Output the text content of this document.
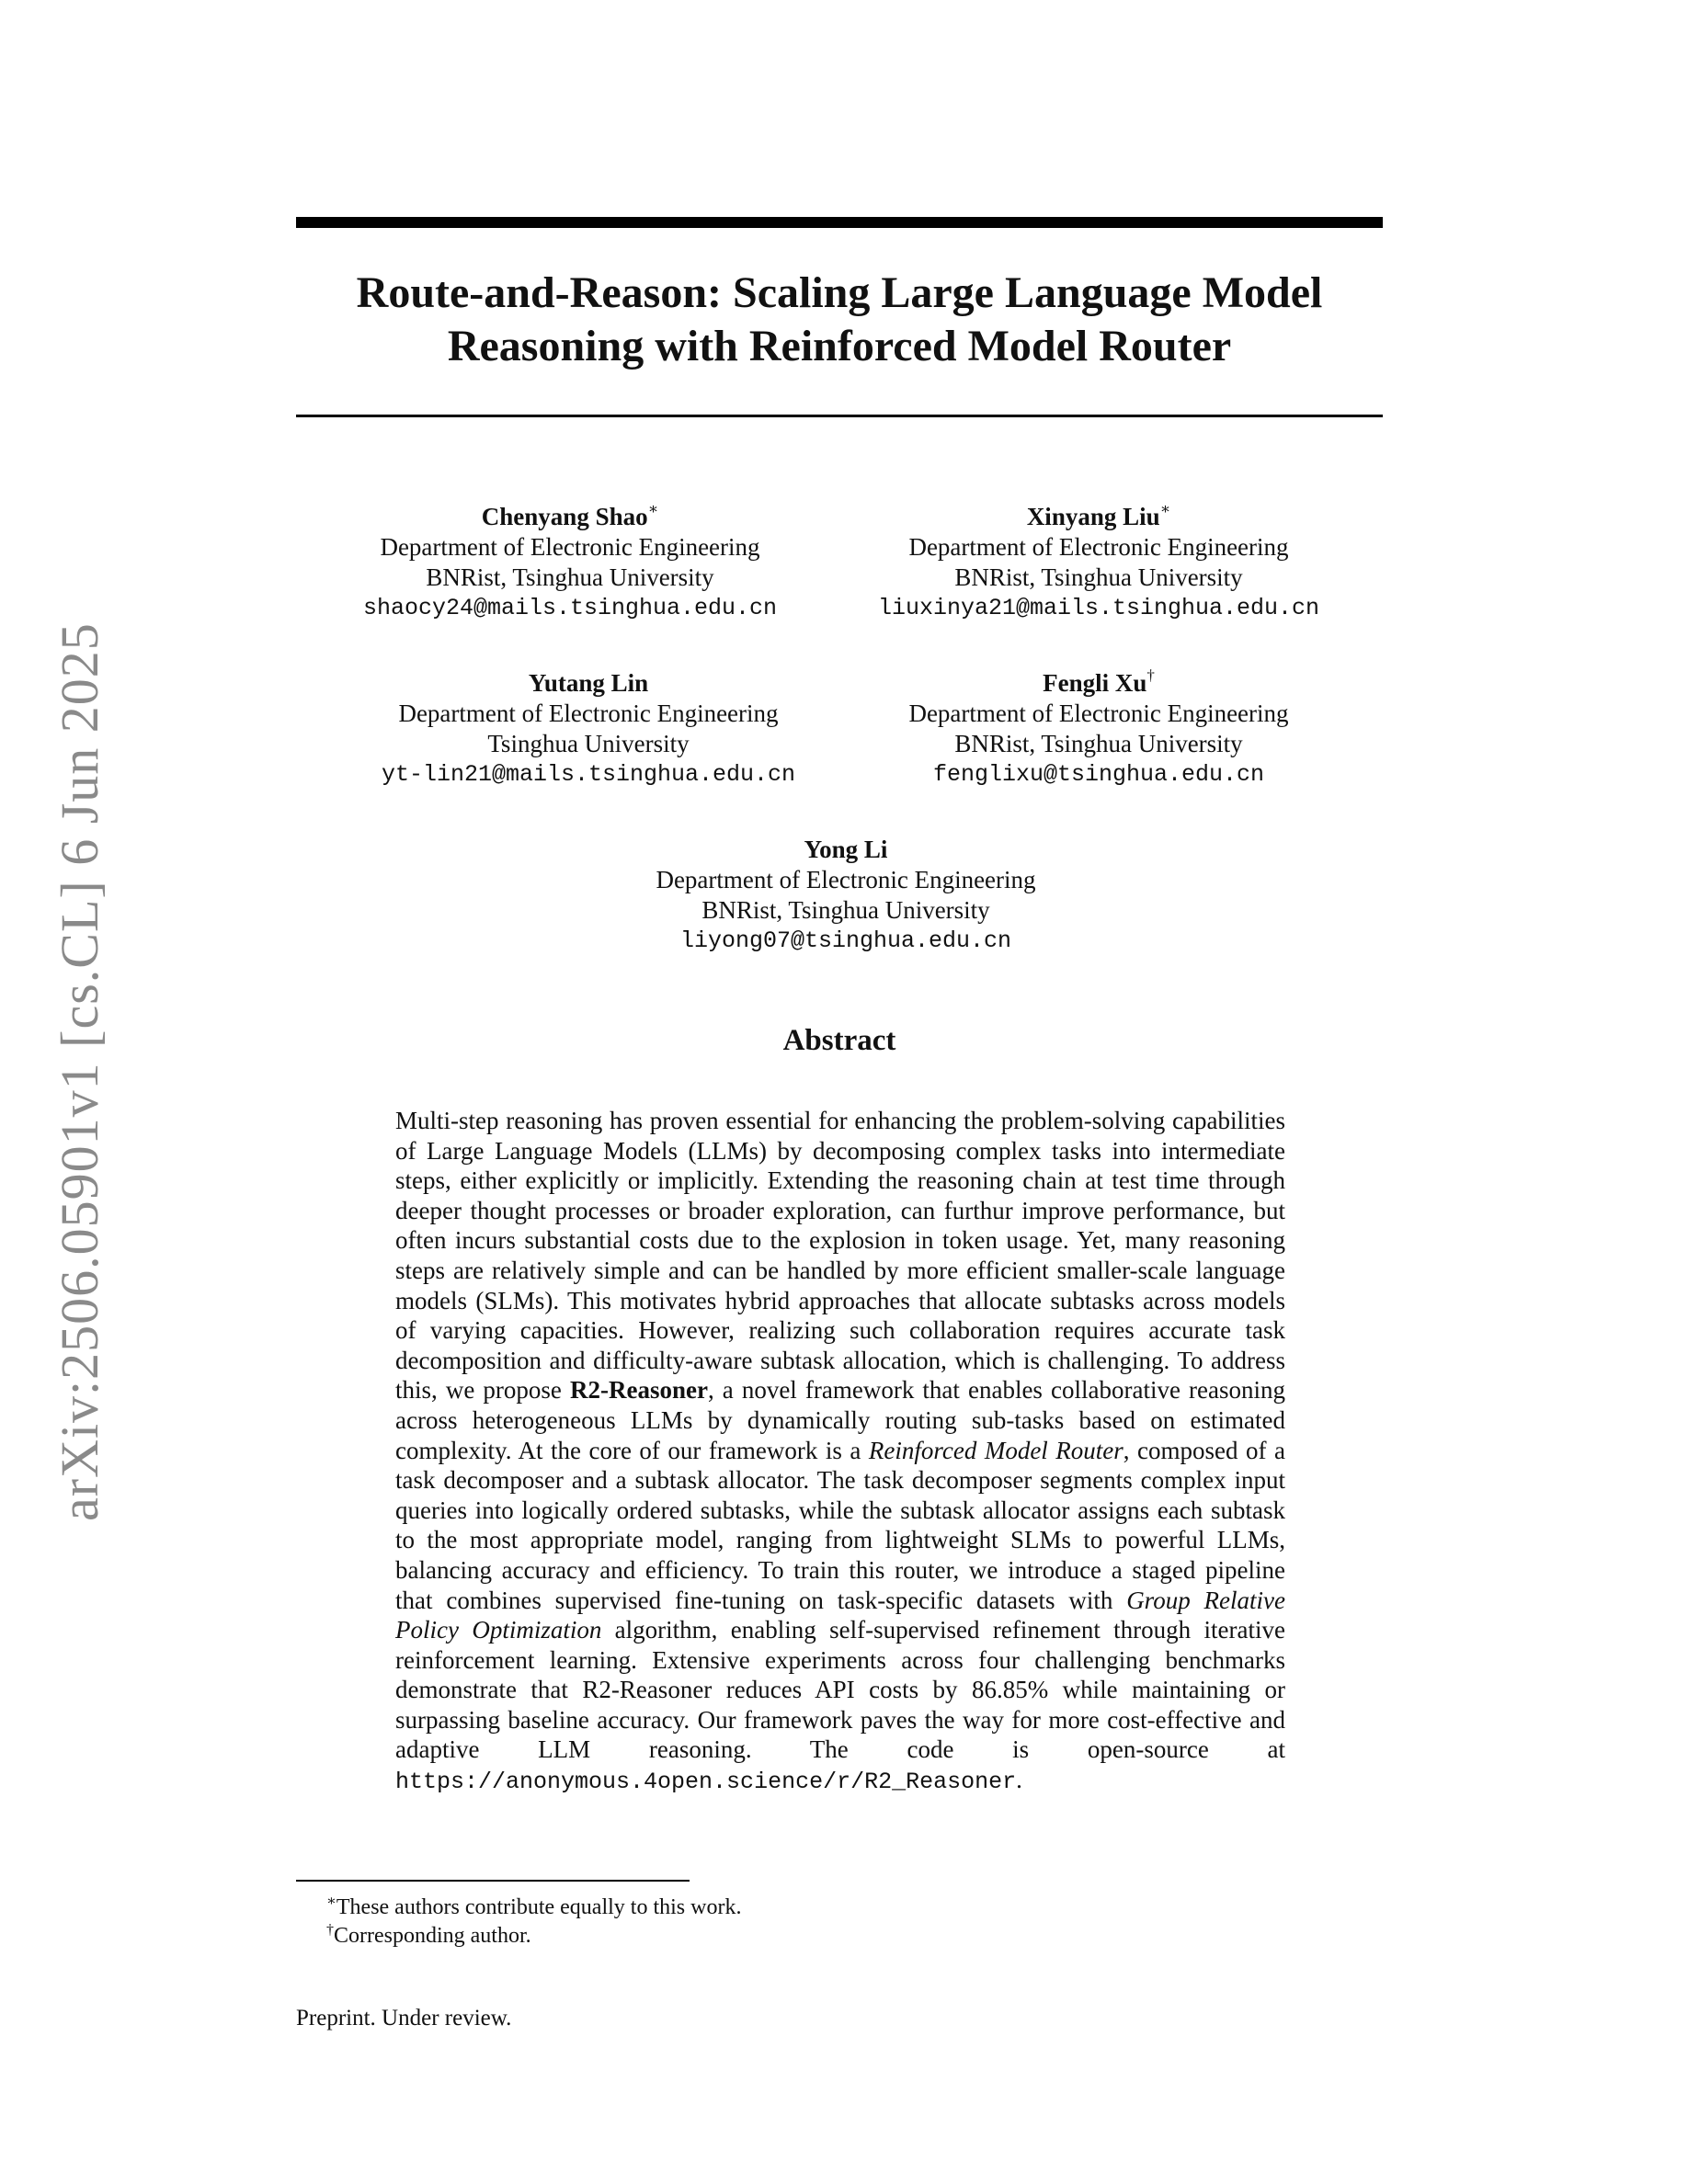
arXiv:2506.05901v1 [cs.CL] 6 Jun 2025
Route-and-Reason: Scaling Large Language Model
Reasoning with Reinforced Model Router
Chenyang Shao∗
Department of Electronic Engineering
BNRist, Tsinghua University
shaocy24@mails.tsinghua.edu.cn
Xinyang Liu∗
Department of Electronic Engineering
BNRist, Tsinghua University
liuxinya21@mails.tsinghua.edu.cn
Yutang Lin
Department of Electronic Engineering
Tsinghua University
yt-lin21@mails.tsinghua.edu.cn
Fengli Xu†
Department of Electronic Engineering
BNRist, Tsinghua University
fenglixu@tsinghua.edu.cn
Yong Li
Department of Electronic Engineering
BNRist, Tsinghua University
liyong07@tsinghua.edu.cn
Abstract
Multi-step reasoning has proven essential for enhancing the problem-solving capabilities of Large Language Models (LLMs) by decomposing complex tasks into intermediate steps, either explicitly or implicitly. Extending the reasoning chain at test time through deeper thought processes or broader exploration, can furthur improve performance, but often incurs substantial costs due to the explosion in token usage. Yet, many reasoning steps are relatively simple and can be handled by more efficient smaller-scale language models (SLMs). This motivates hybrid approaches that allocate subtasks across models of varying capacities. However, realizing such collaboration requires accurate task decomposition and difficulty-aware subtask allocation, which is challenging. To address this, we propose R2-Reasoner, a novel framework that enables collaborative reasoning across heterogeneous LLMs by dynamically routing sub-tasks based on estimated complexity. At the core of our framework is a Reinforced Model Router, composed of a task decomposer and a subtask allocator. The task decomposer segments complex input queries into logically ordered subtasks, while the subtask allocator assigns each subtask to the most appropriate model, ranging from lightweight SLMs to powerful LLMs, balancing accuracy and efficiency. To train this router, we introduce a staged pipeline that combines supervised fine-tuning on task-specific datasets with Group Relative Policy Optimization algorithm, enabling self-supervised refinement through iterative reinforcement learning. Extensive experiments across four challenging benchmarks demonstrate that R2-Reasoner reduces API costs by 86.85% while maintaining or surpassing baseline accuracy. Our framework paves the way for more cost-effective and adaptive LLM reasoning. The code is open-source at https://anonymous.4open.science/r/R2_Reasoner.
∗These authors contribute equally to this work.
†Corresponding author.
Preprint. Under review.
